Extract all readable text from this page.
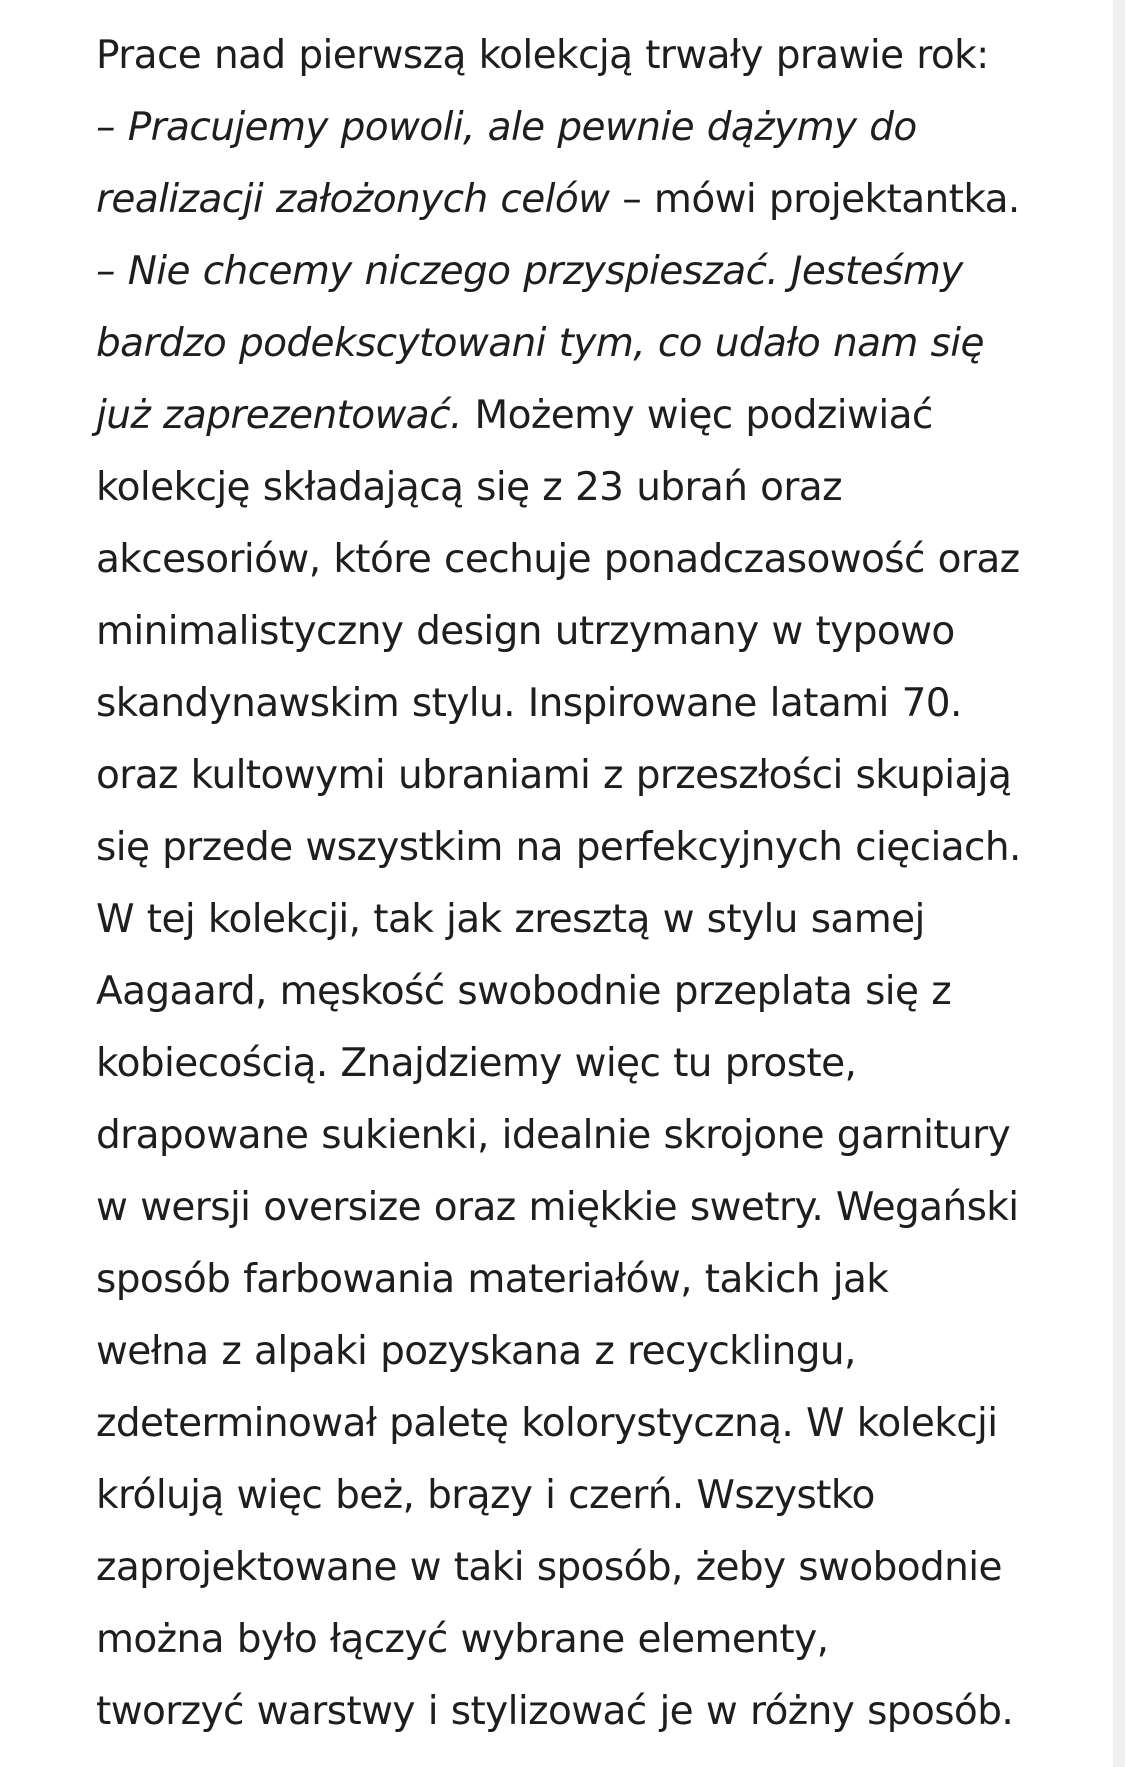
Prace nad pierwszą kolekcją trwały prawie rok:
– Pracujemy powoli, ale pewnie dążymy do
realizacji założonych celów – mówi projektantka.
– Nie chcemy niczego przyspieszać. Jesteśmy
bardzo podekscytowani tym, co udało nam się
już zaprezentować. Możemy więc podziwiać
kolekcję składającą się z 23 ubrań oraz
akcesoriów, które cechuje ponadczasowość oraz
minimalistyczny design utrzymany w typowo
skandynawskim stylu. Inspirowane latami 70.
oraz kultowymi ubraniami z przeszłości skupiają
się przede wszystkim na perfekcyjnych cięciach.
W tej kolekcji, tak jak zresztą w stylu samej
Aagaard, męskość swobodnie przeplata się z
kobiecością. Znajdziemy więc tu proste,
drapowane sukienki, idealnie skrojone garnitury
w wersji oversize oraz miękkie swetry. Wegański
sposób farbowania materiałów, takich jak
wełna z alpaki pozyskana z recycklingu,
zdeterminował paletę kolorystyczną. W kolekcji
królują więc beż, brązy i czerń. Wszystko
zaprojektowane w taki sposób, żeby swobodnie
można było łączyć wybrane elementy,
tworzyć warstwy i stylizować je w różny sposób.
